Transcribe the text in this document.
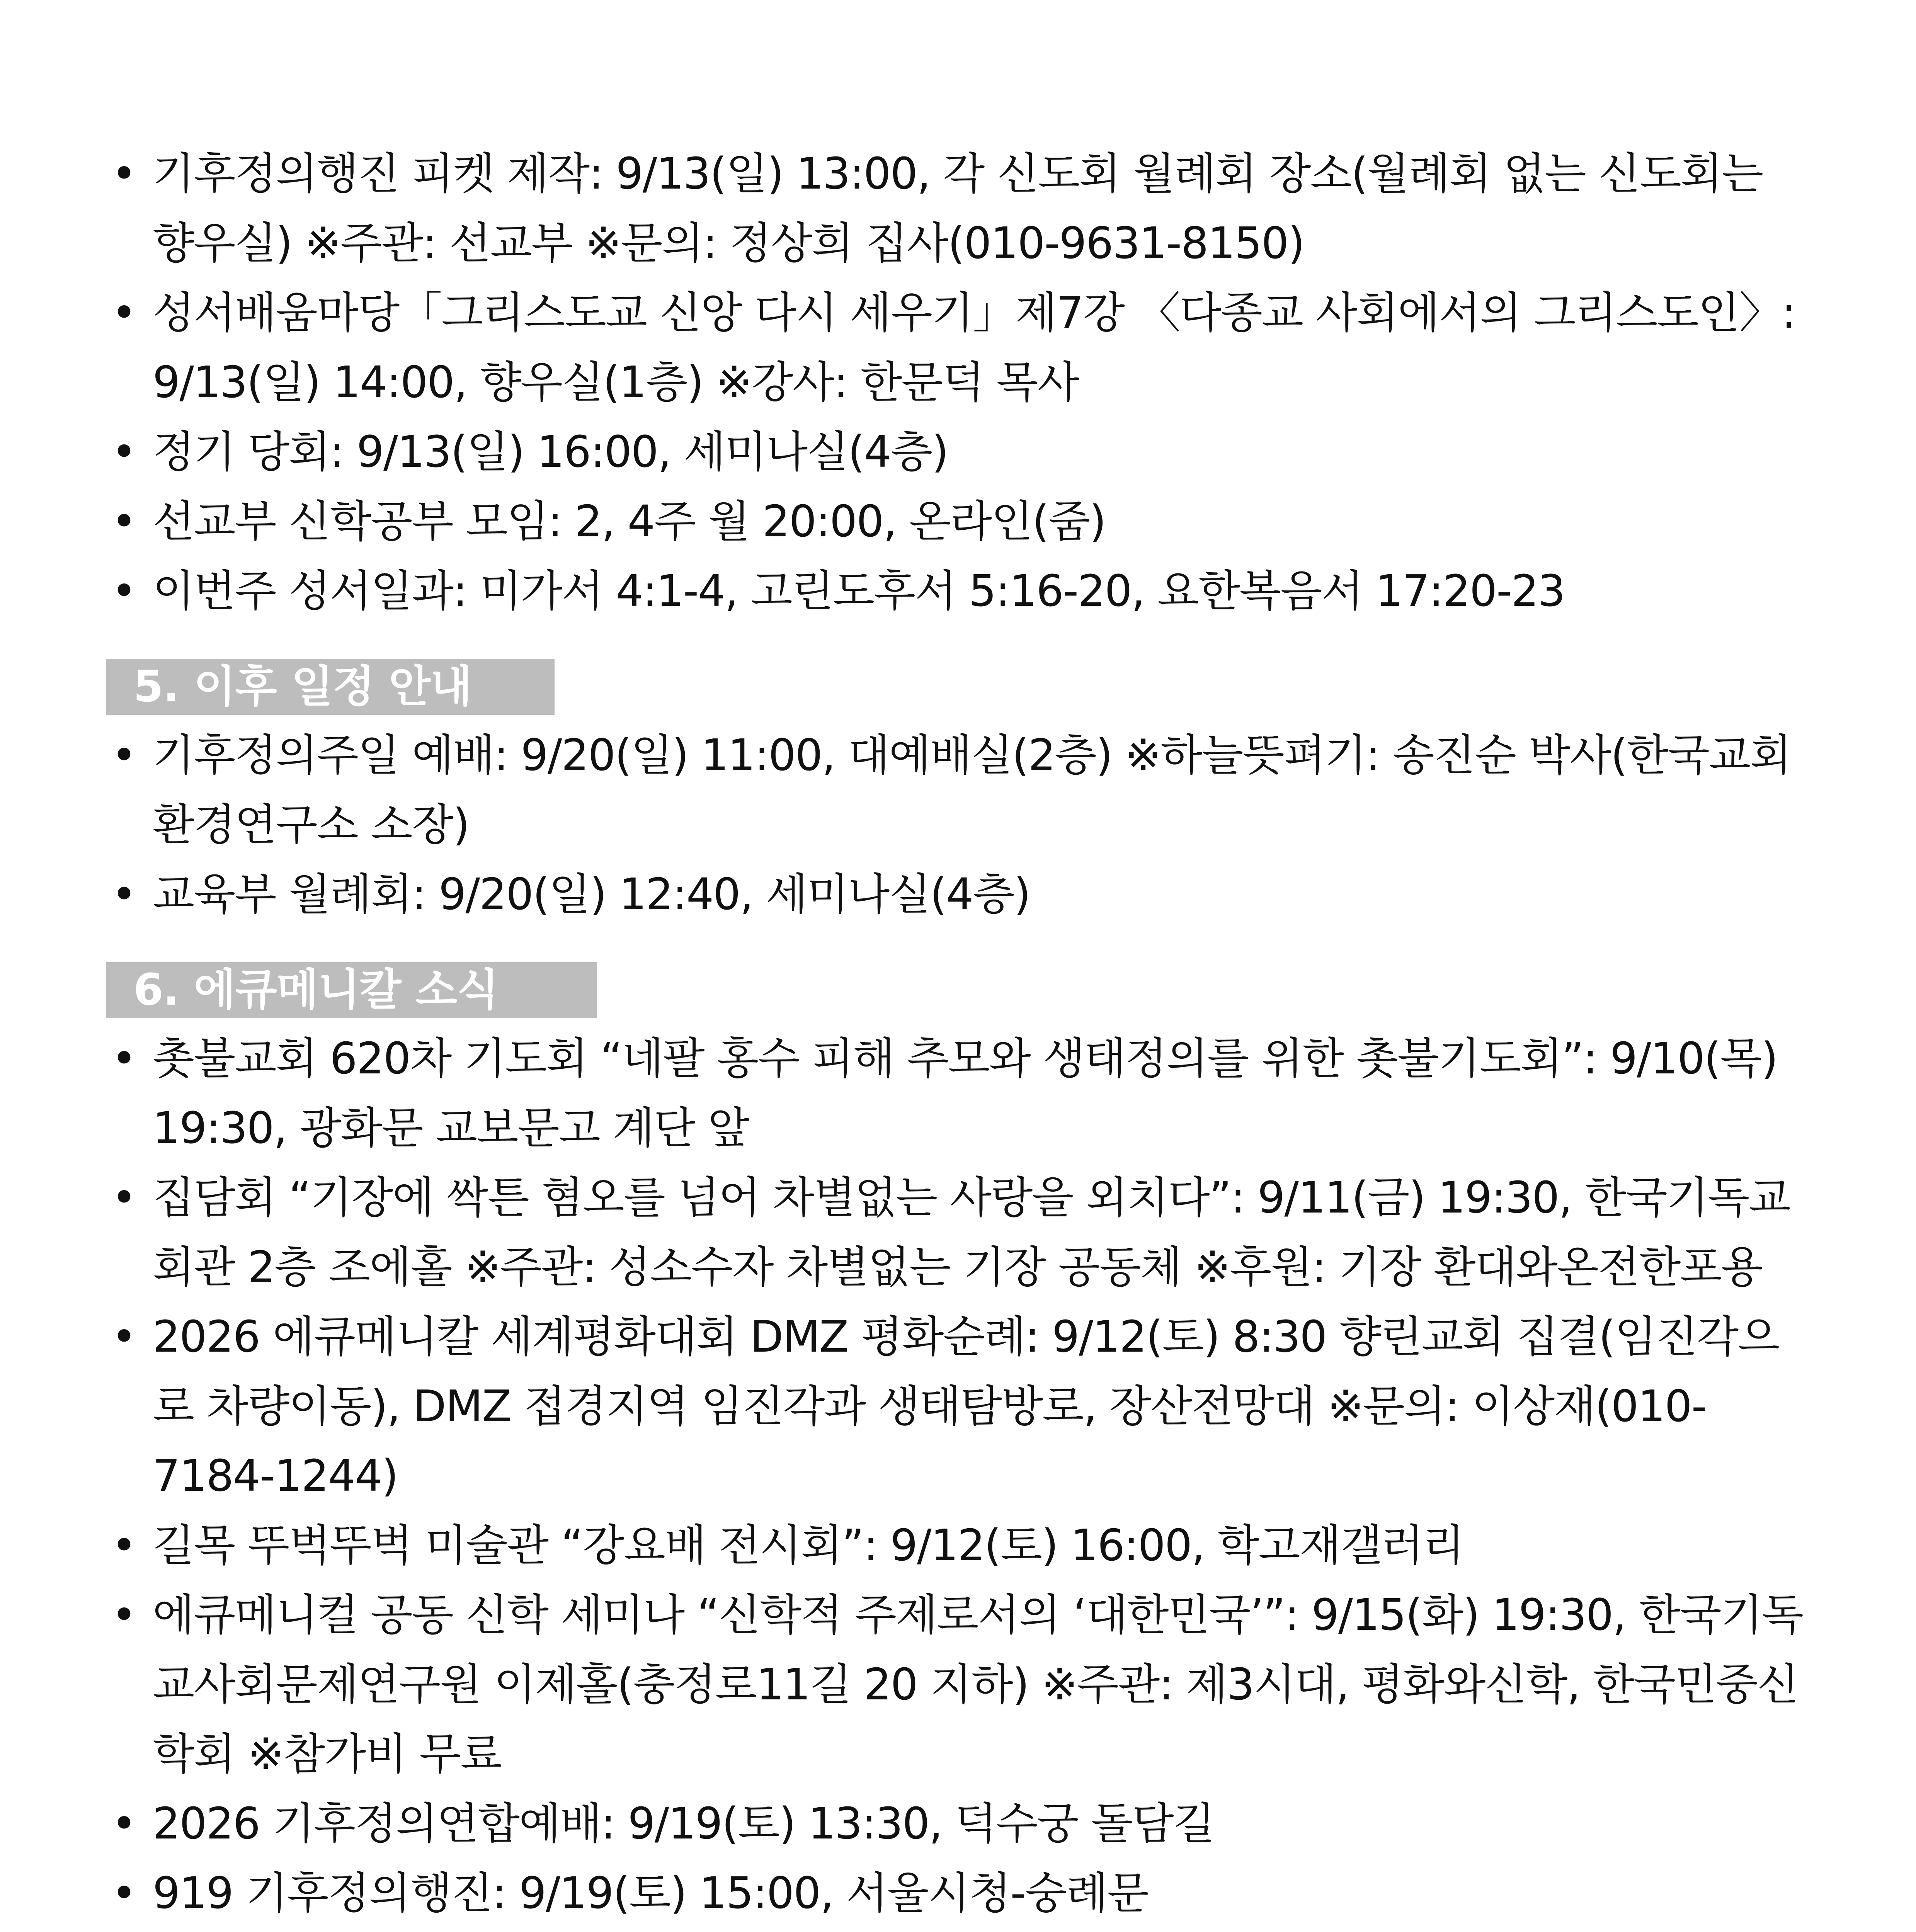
• 기후정의행진 피켓 제작: 9/13(일) 13:00, 각 신도회 월례회 장소(월례회 없는 신도회는 향우실) ※주관: 선교부 ※문의: 정상희 집사(010-9631-8150)
• 성서배움마당「그리스도교 신앙 다시 세우기」제7강 〈다종교 사회에서의 그리스도인〉: 9/13(일) 14:00, 향우실(1층) ※강사: 한문덕 목사
• 정기 당회: 9/13(일) 16:00, 세미나실(4층)
• 선교부 신학공부 모임: 2, 4주 월 20:00, 온라인(줌)
• 이번주 성서일과: 미가서 4:1-4, 고린도후서 5:16-20, 요한복음서 17:20-23
5. 이후 일정 안내
• 기후정의주일 예배: 9/20(일) 11:00, 대예배실(2층) ※하늘뜻펴기: 송진순 박사(한국교회환경연구소 소장)
• 교육부 월례회: 9/20(일) 12:40, 세미나실(4층)
6. 에큐메니칼 소식
• 촛불교회 620차 기도회 “네팔 홍수 피해 추모와 생태정의를 위한 촛불기도회”: 9/10(목) 19:30, 광화문 교보문고 계단 앞
• 집담회 “기장에 싹튼 혐오를 넘어 차별없는 사랑을 외치다”: 9/11(금) 19:30, 한국기독교회관 2층 조에홀 ※주관: 성소수자 차별없는 기장 공동체 ※후원: 기장 환대와온전한포용
• 2026 에큐메니칼 세계평화대회 DMZ 평화순례: 9/12(토) 8:30 향린교회 집결(임진각으로 차량이동), DMZ 접경지역 임진각과 생태탐방로, 장산전망대 ※문의: 이상재(010-7184-1244)
• 길목 뚜벅뚜벅 미술관 “강요배 전시회”: 9/12(토) 16:00, 학고재갤러리
• 에큐메니컬 공동 신학 세미나 “신학적 주제로서의 ‘대한민국’”: 9/15(화) 19:30, 한국기독교사회문제연구원 이제홀(충정로11길 20 지하) ※주관: 제3시대, 평화와신학, 한국민중신학회 ※참가비 무료
• 2026 기후정의연합예배: 9/19(토) 13:30, 덕수궁 돌담길
• 919 기후정의행진: 9/19(토) 15:00, 서울시청-숭례문
